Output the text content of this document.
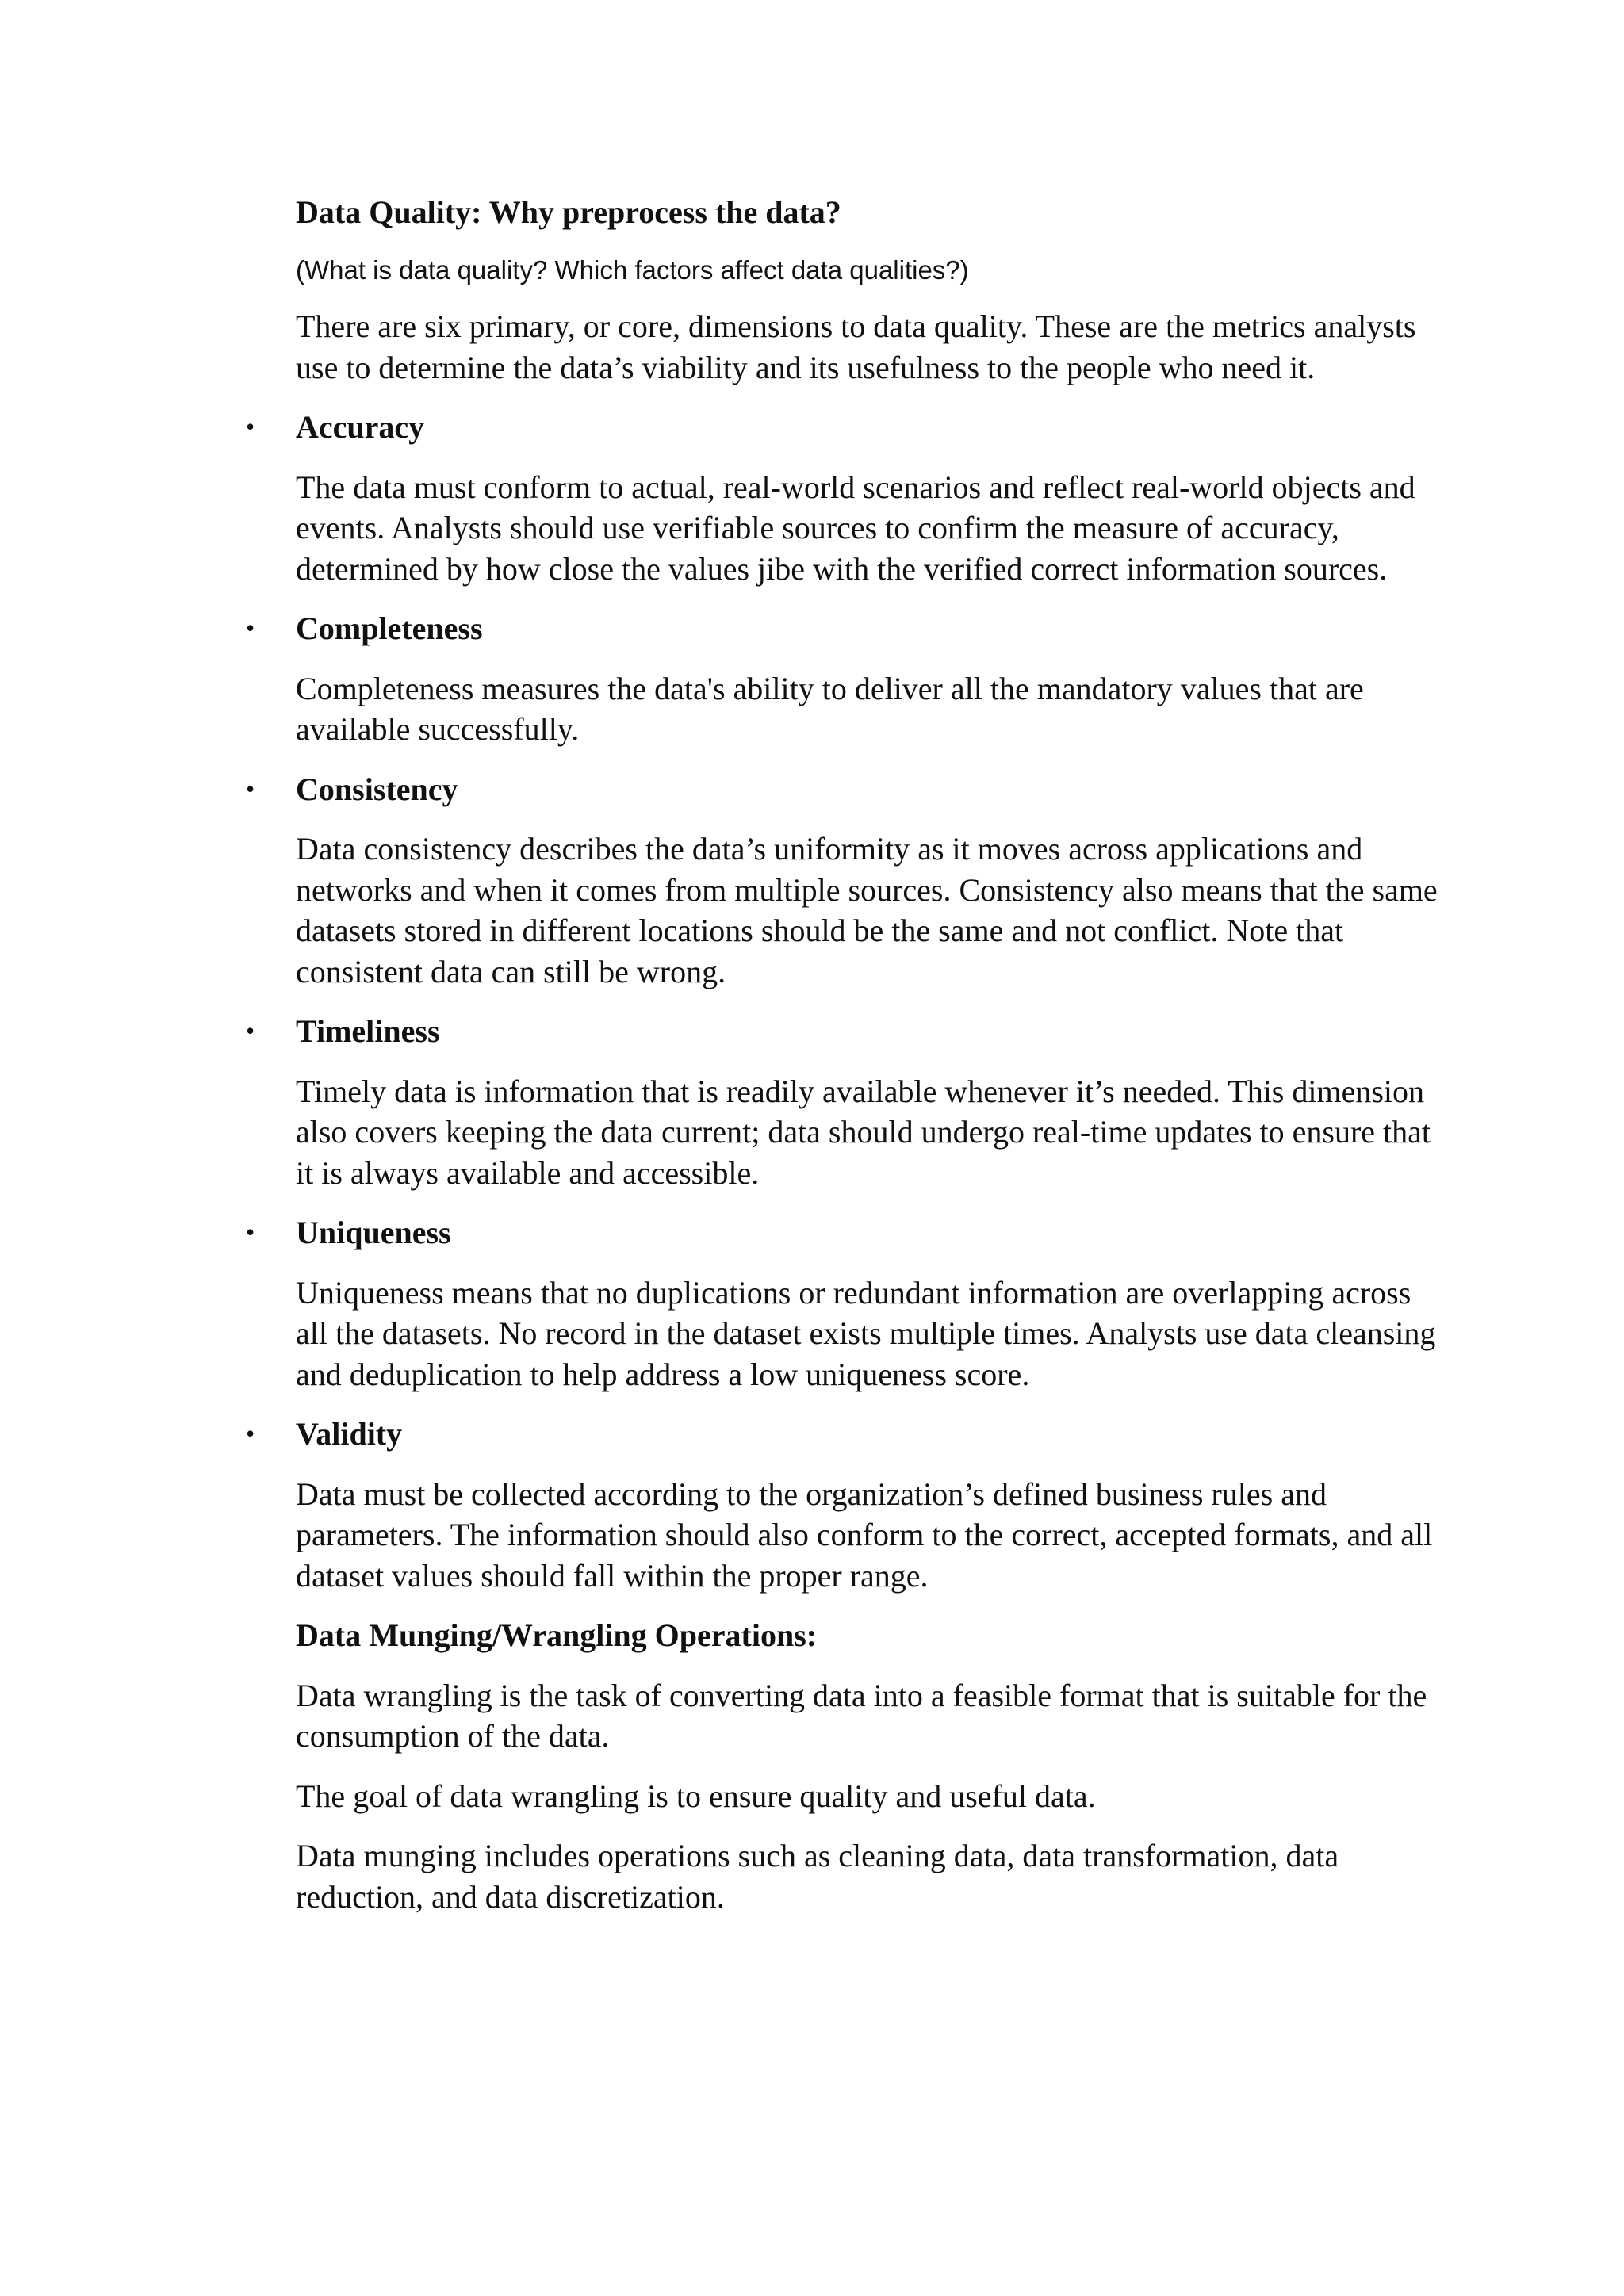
Data Quality: Why preprocess the data?
(What is data quality? Which factors affect data qualities?)
There are six primary, or core, dimensions to data quality. These are the metrics analysts use to determine the data’s viability and its usefulness to the people who need it.
• Accuracy
The data must conform to actual, real-world scenarios and reflect real-world objects and events. Analysts should use verifiable sources to confirm the measure of accuracy, determined by how close the values jibe with the verified correct information sources.
• Completeness
Completeness measures the data's ability to deliver all the mandatory values that are available successfully.
• Consistency
Data consistency describes the data’s uniformity as it moves across applications and networks and when it comes from multiple sources. Consistency also means that the same datasets stored in different locations should be the same and not conflict. Note that consistent data can still be wrong.
• Timeliness
Timely data is information that is readily available whenever it’s needed. This dimension also covers keeping the data current; data should undergo real-time updates to ensure that it is always available and accessible.
• Uniqueness
Uniqueness means that no duplications or redundant information are overlapping across all the datasets. No record in the dataset exists multiple times. Analysts use data cleansing and deduplication to help address a low uniqueness score.
• Validity
Data must be collected according to the organization’s defined business rules and parameters. The information should also conform to the correct, accepted formats, and all dataset values should fall within the proper range.
Data Munging/Wrangling Operations:
Data wrangling is the task of converting data into a feasible format that is suitable for the consumption of the data.
The goal of data wrangling is to ensure quality and useful data.
Data munging includes operations such as cleaning data, data transformation, data reduction, and data discretization.
